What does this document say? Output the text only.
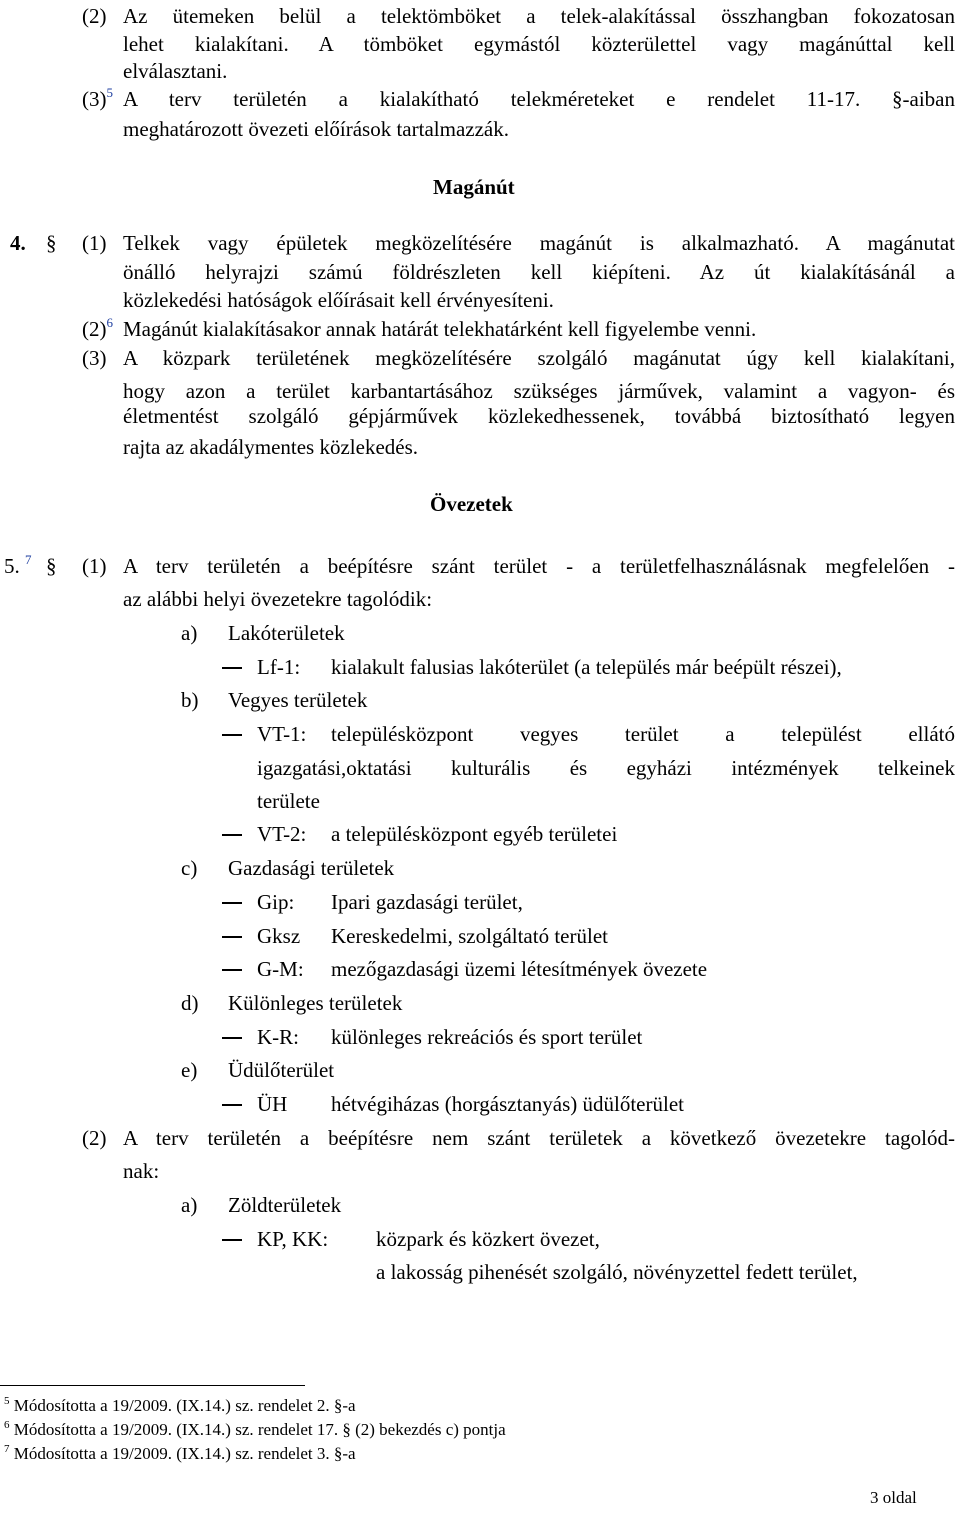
(2) Az ütemeken belül a telektömböket a telek-alakítással összhangban fokozatosan
lehet kialakítani. A tömböket egymástól közterülettel vagy magánúttal kell
elválasztani.
$(3)^5$ A terv területén a kialakítható telekméreteket e rendelet 11-17. §-aiban
meghatározott övezeti előírások tartalmazzák.
Magánút
4. § (1) Telkek vagy épületek megközelítésére magánút is alkalmazható. A magánutat
önálló helyrajzi számú földrészleten kell kiépíteni. Az út kialakításánál a
közlekedési hatóságok előírásait kell érvényesíteni.
$(2)^6$ Magánút kialakításakor annak határát telekhatárként kell figyelembe venni.
(3) A közpark területének megközelítésére szolgáló magánutat úgy kell kialakítani,
hogy azon a terület karbantartásához szükséges járművek, valamint a vagyon- és
életmentést szolgáló gépjárművek közlekedhessenek, továbbá biztosítható legyen
rajta az akadálymentes közlekedés.
Övezetek
5. $^7$ § (1) A terv területén a beépítésre szánt terület - a területfelhasználásnak megfelelően -
az alábbi helyi övezetekre tagolódik:
a) Lakóterületek
Lf-1: kialakult falusias lakóterület (a település már beépült részei),
b) Vegyes területek
VT-1: településközpont vegyes terület a települést ellátó
igazgatási,oktatási kulturális és egyházi intézmények telkeinek
területe
VT-2: a településközpont egyéb területei
c) Gazdasági területek
Gip: Ipari gazdasági terület,
Gksz Kereskedelmi, szolgáltató terület
G-M: mezőgazdasági üzemi létesítmények övezete
d) Különleges területek
K-R: különleges rekreációs és sport terület
e) Üdülőterület
ÜH hétvégiházas (horgásztanyás) üdülőterület
(2) A terv területén a beépítésre nem szánt területek a következő övezetekre tagolód-
nak:
a) Zöldterületek
KP, KK: közpark és közkert övezet,
a lakosság pihenését szolgáló, növényzettel fedett terület,
$^5$ Módosította a 19/2009. (IX.14.) sz. rendelet 2. §-a
$^6$ Módosította a 19/2009. (IX.14.) sz. rendelet 17. § (2) bekezdés c) pontja
$^7$ Módosította a 19/2009. (IX.14.) sz. rendelet 3. §-a
3 oldal
